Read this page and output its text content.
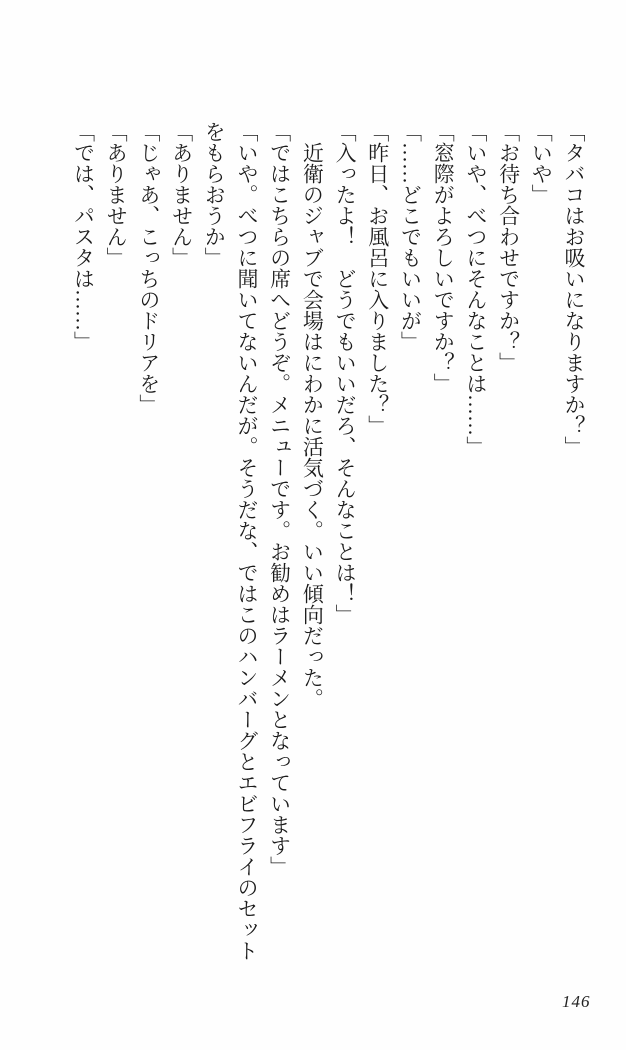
「タバコはお吸いになりますか？」

「いや」

「お待ち合わせですか？」

「いや、べつにそんなことは……」

「窓際がよろしいですか？」

「……どこでもいいが」

「昨日、お風呂に入りました？」

「入ったよ！　どうでもいいだろ、そんなことは！」

　近衛のジャブで会場はにわかに活気づく。いい傾向だった。

「ではこちらの席へどうぞ。メニューです。お勧めはラーメンとなっています」

「いや。べつに聞いてないんだが。そうだな、ではこのハンバーグとエビフライのセット

をもらおうか」

「ありません」

「じゃあ、こっちのドリアを」

「ありません」

「では、パスタは……」

146
